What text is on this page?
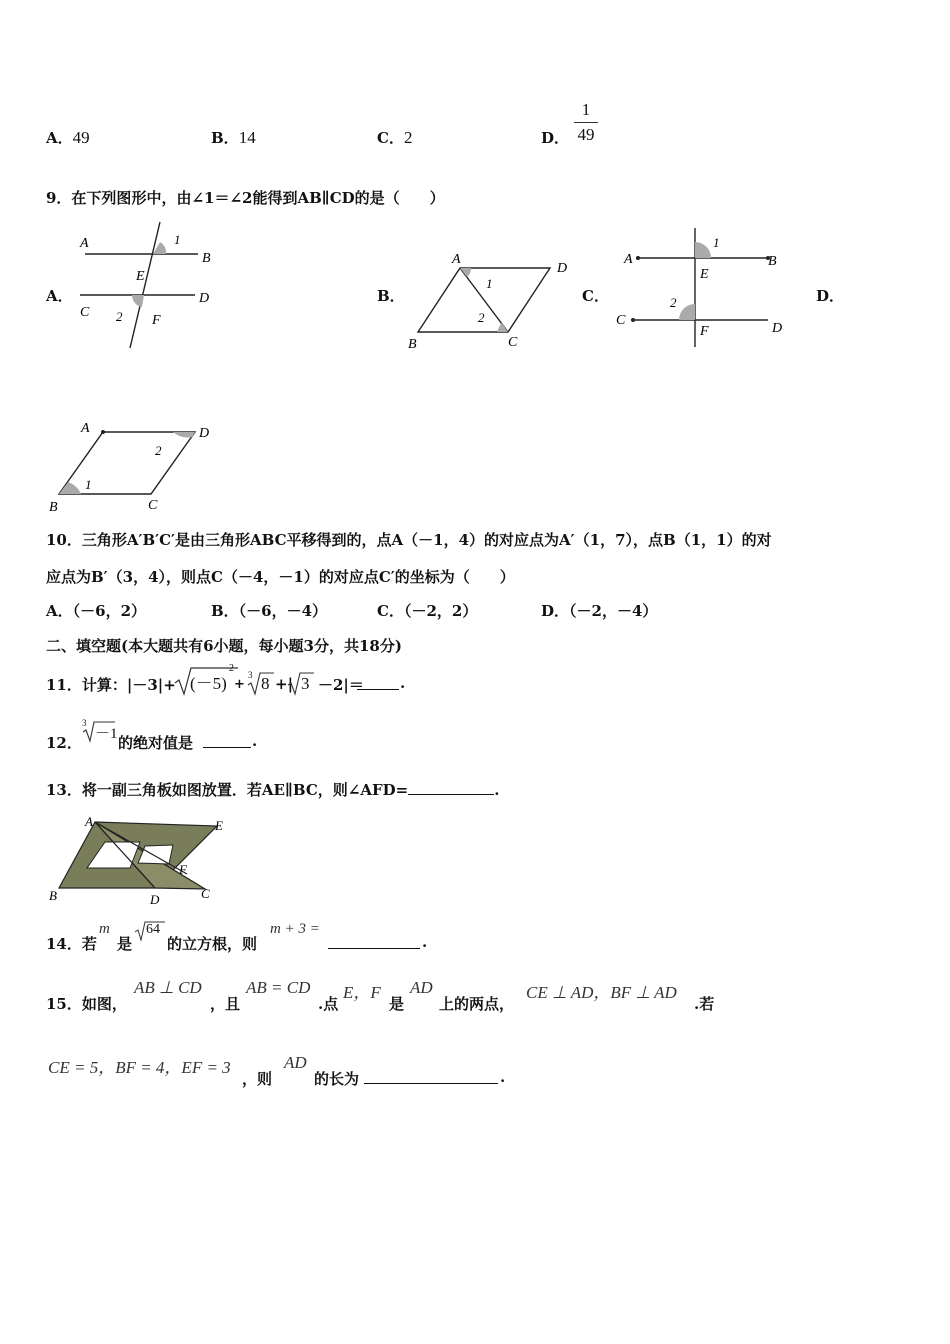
A．49	B．14	C．2	D．
1
49
9．在下列图形中，由∠1＝∠2能得到AB∥CD的是（　　）
A．	B．	C．	D．
A
B
E
1
C 2 F
D
A
D
1
2
B	C
A
1
B
E
2
C
F	D
A	D
2
1
B	C
10．三角形A′B′C′是由三角形ABC平移得到的，点A（－1，4）的对应点为A′（1，7），点B（1，1）的对
应点为B′（3，4），则点C（－4，－1）的对应点C′的坐标为（　　）
A．（－6，2）	B．（－6，－4）	C．（－2，2）	D．（－2，－4）
二、填空题(本大题共有6小题，每小题3分，共18分)
11．计算：|－3|+ (－5)
2
+
3 8 +| 3 －2|＝ .
12．
3
－1 的绝对值是	.
13．将一副三角板如图放置．若AE∥BC，则∠AFD=	.
A	E
F
B	D	C
14．若
m
是
64
的立方根，则
m + 3 =
.
15．如图，
AB ⊥ CD
，且
AB = CD
.点
E，F
是
AD
上的两点，
CE ⊥ AD，BF ⊥ AD
.若
CE = 5，BF = 4，EF = 3
，则
AD
的长为	.
